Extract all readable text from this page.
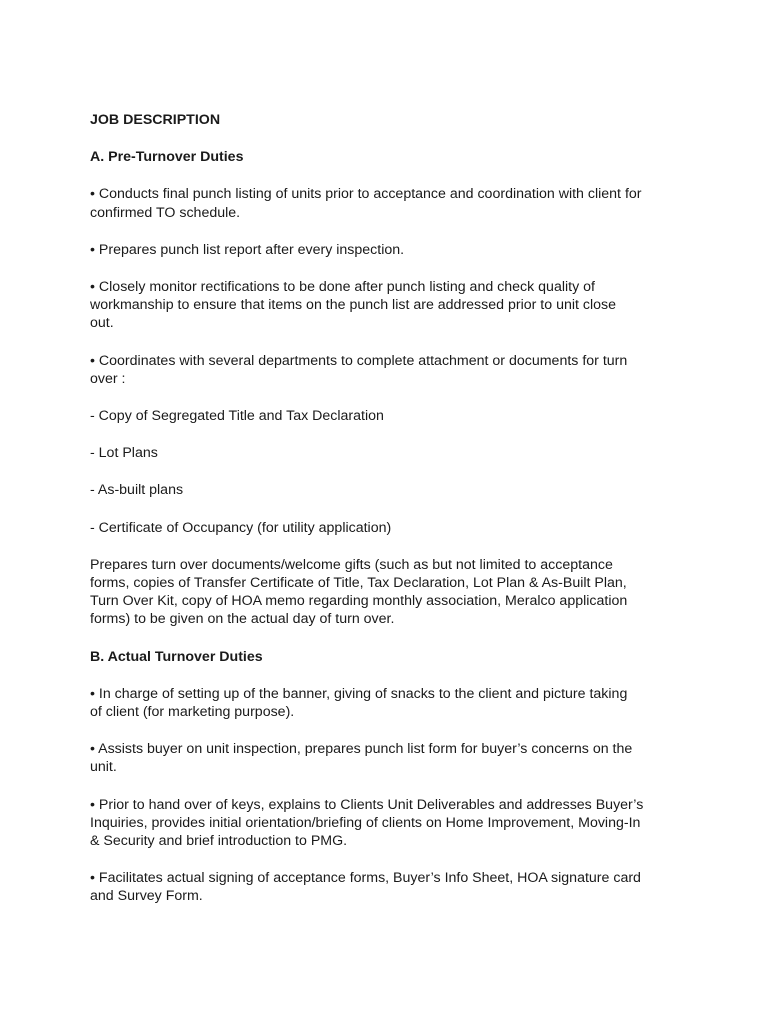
JOB DESCRIPTION

A. Pre-Turnover Duties

• Conducts final punch listing of units prior to acceptance and coordination with client for

confirmed TO schedule.

• Prepares punch list report after every inspection.

• Closely monitor rectifications to be done after punch listing and check quality of

workmanship to ensure that items on the punch list are addressed prior to unit close

out.

• Coordinates with several departments to complete attachment or documents for turn

over :

- Copy of Segregated Title and Tax Declaration

- Lot Plans

- As-built plans

- Certificate of Occupancy (for utility application)

Prepares turn over documents/welcome gifts (such as but not limited to acceptance

forms, copies of Transfer Certificate of Title, Tax Declaration, Lot Plan & As-Built Plan,

Turn Over Kit, copy of HOA memo regarding monthly association, Meralco application

forms) to be given on the actual day of turn over.

B. Actual Turnover Duties

• In charge of setting up of the banner, giving of snacks to the client and picture taking

of client (for marketing purpose).

• Assists buyer on unit inspection, prepares punch list form for buyer’s concerns on the

unit.

• Prior to hand over of keys, explains to Clients Unit Deliverables and addresses Buyer’s

Inquiries, provides initial orientation/briefing of clients on Home Improvement, Moving-In

& Security and brief introduction to PMG.

• Facilitates actual signing of acceptance forms, Buyer’s Info Sheet, HOA signature card

and Survey Form.
